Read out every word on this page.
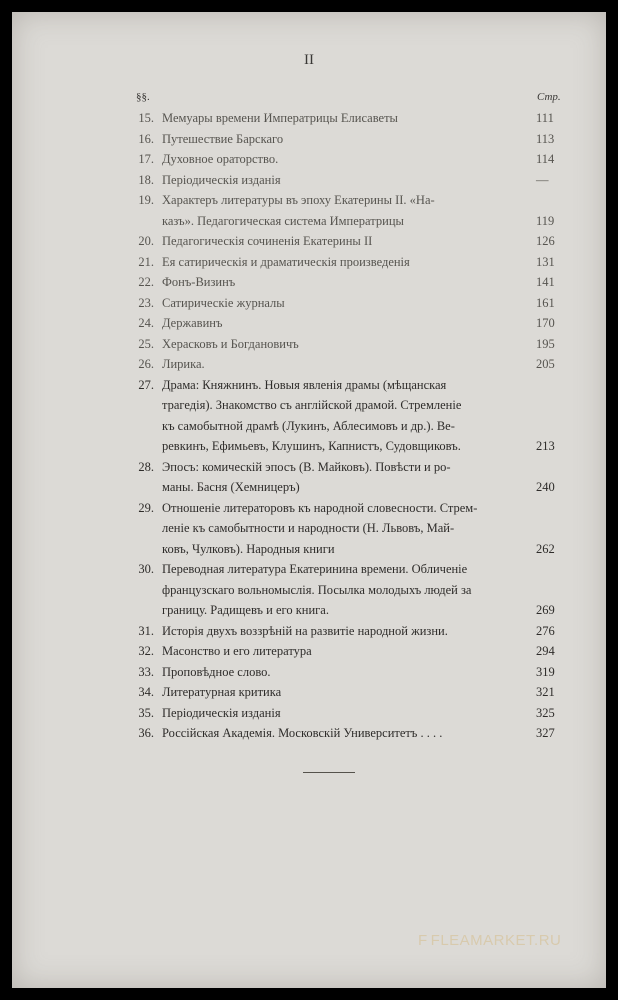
II
§§.	Стр.
15. Мемуары времени Императрицы Елисаветы	111
16. Путешествие Барскаго	113
17. Духовное ораторство.	114
18. Періодическія изданія	—
19. Характеръ литературы въ эпоху Екатерины II. «На-
казъ». Педагогическая система Императрицы	119
20. Педагогическія сочиненія Екатерины II	126
21. Ея сатирическія и драматическія произведенія	131
22. Фонъ-Визинъ	141
23. Сатирическіе журналы	161
24. Державинъ	170
25. Херасковъ и Богдановичъ	195
26. Лирика.	205
27. Драма: Княжнинъ. Новыя явленія драмы (мѣщанская
трагедія). Знакомство съ англійской драмой. Стремленіе
къ самобытной драмѣ (Лукинъ, Аблесимовъ и др.). Ве-
ревкинъ, Ефимьевъ, Клушинъ, Капнистъ, Судовщиковъ.	213
28. Эпосъ: комическій эпосъ (В. Майковъ). Повѣсти и ро-
маны. Басня (Хемницеръ)	240
29. Отношеніе литераторовъ къ народной словесности. Стрем-
леніе къ самобытности и народности (Н. Львовъ, Май-
ковъ, Чулковъ). Народныя книги	262
30. Переводная литература Екатеринина времени. Обличеніе
французскаго вольномыслія. Посылка молодыхъ людей за
границу. Радищевъ и его книга.	269
31. Исторія двухъ воззрѣній на развитіе народной жизни.	276
32. Масонство и его литература	294
33. Проповѣдное слово.	319
34. Литературная критика	321
35. Періодическія изданія	325
36. Россійская Академія. Московскій Университетъ . . . .	327
F FLEAMARKET.RU
